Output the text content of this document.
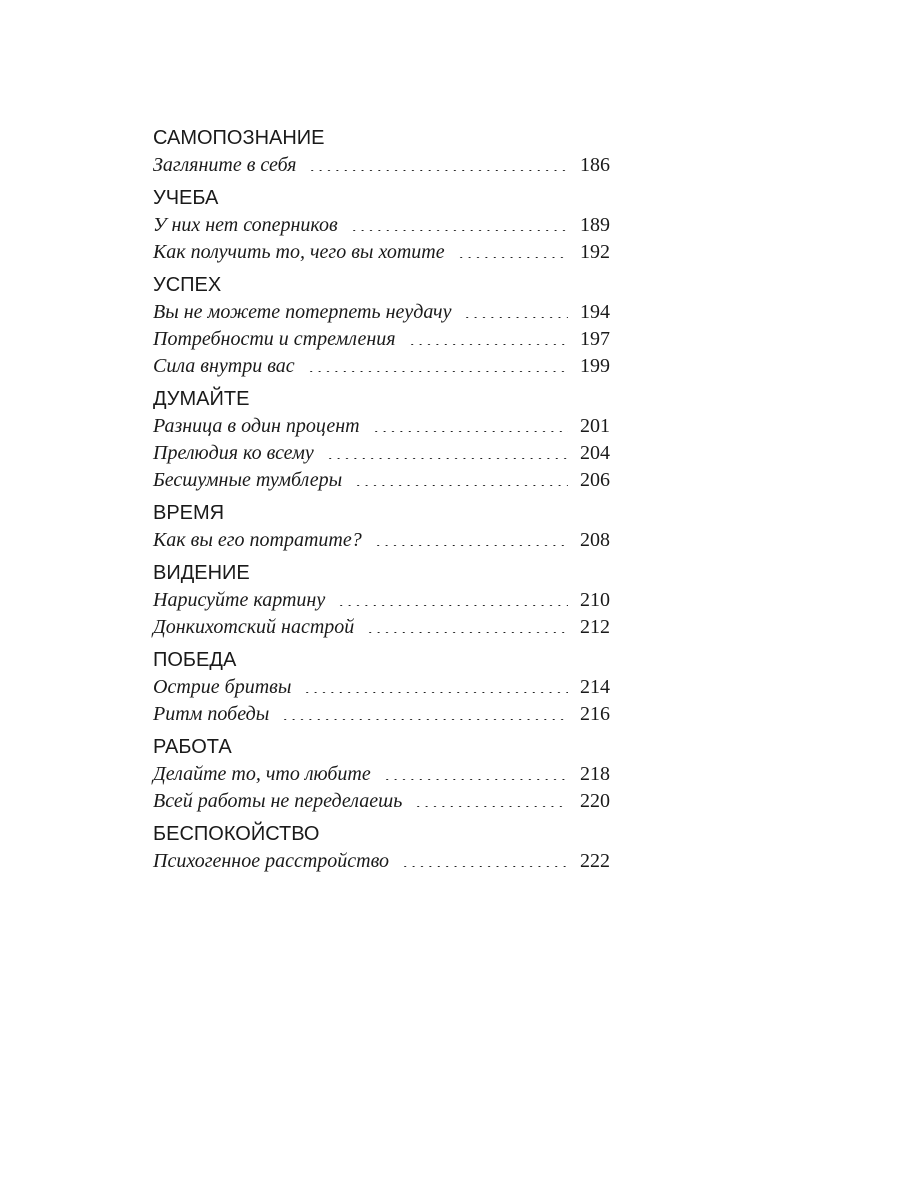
САМОПОЗНАНИЕ
Загляните в себя	186
УЧЕБА
У них нет соперников	189
Как получить то, чего вы хотите	192
УСПЕХ
Вы не можете потерпеть неудачу	194
Потребности и стремления	197
Сила внутри вас	199
ДУМАЙТЕ
Разница в один процент	201
Прелюдия ко всему	204
Бесшумные тумблеры	206
ВРЕМЯ
Как вы его потратите?	208
ВИДЕНИЕ
Нарисуйте картину	210
Донкихотский настрой	212
ПОБЕДА
Острие бритвы	214
Ритм победы	216
РАБОТА
Делайте то, что любите	218
Всей работы не переделаешь	220
БЕСПОКОЙСТВО
Психогенное расстройство	222
